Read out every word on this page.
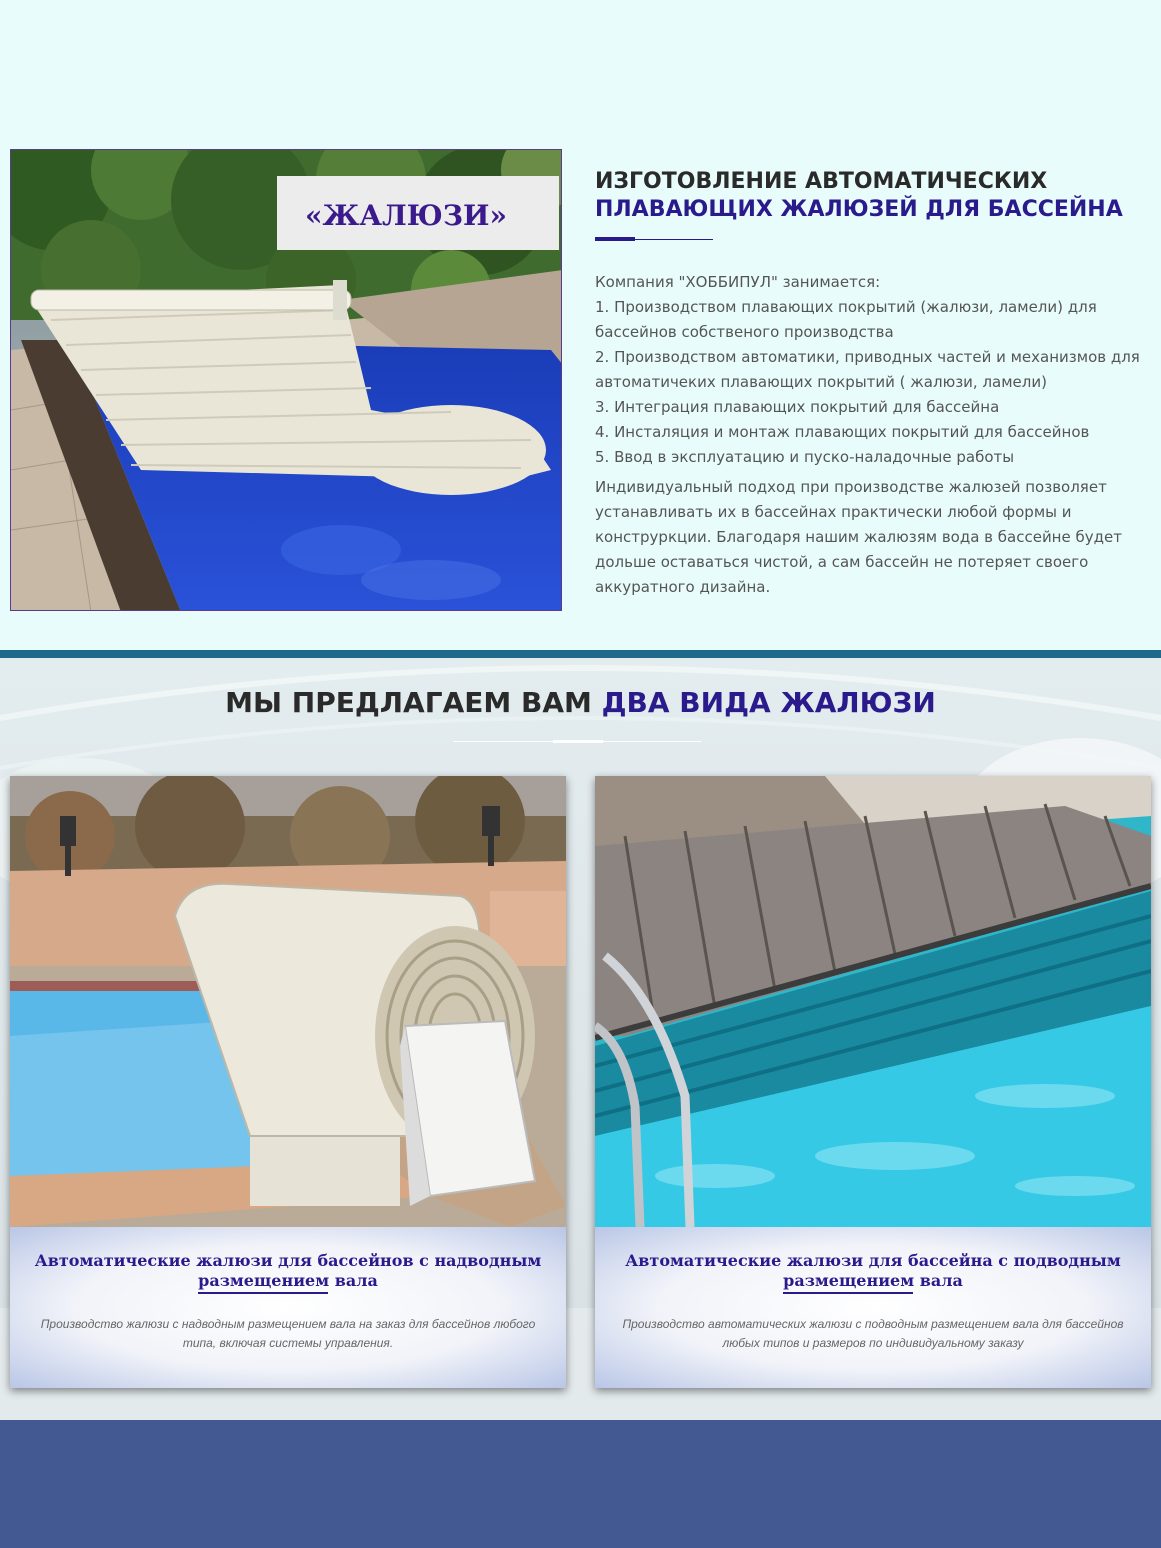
«ЖАЛЮЗИ»
ИЗГОТОВЛЕНИЕ АВТОМАТИЧЕСКИХ
ПЛАВАЮЩИХ ЖАЛЮЗЕЙ ДЛЯ БАССЕЙНА

Компания "ХОББИПУЛ" занимается:

1. Производством плавающих покрытий (жалюзи, ламели) для бассейнов собственого производства

2. Производством автоматики, приводных частей и механизмов для автоматичеких плавающих покрытий ( жалюзи, ламели)

3. Интеграция плавающих покрытий для бассейна

4. Инсталяция и монтаж плавающих покрытий для бассейнов

5. Ввод в эксплуатацию и пуско-наладочные работы

Индивидуальный подход при производстве жалюзей позволяет устанавливать их в бассейнах практически любой формы и конструркции. Благодаря нашим жалюзям вода в бассейне будет дольше оставаться чистой, а сам бассейн не потеряет своего аккуратного дизайна.

МЫ ПРЕДЛАГАЕМ ВАМ ДВА ВИДА ЖАЛЮЗИ
Автоматические жалюзи для бассейнов с надводным
размещением вала
Производство жалюзи с надводным размещением вала на заказ для бассейнов любого типа, включая системы управления.
Автоматические жалюзи для бассейна с подводным
размещением вала
Производство автоматических жалюзи с подводным размещением вала для бассейнов любых типов и размеров по индивидуальному заказу
